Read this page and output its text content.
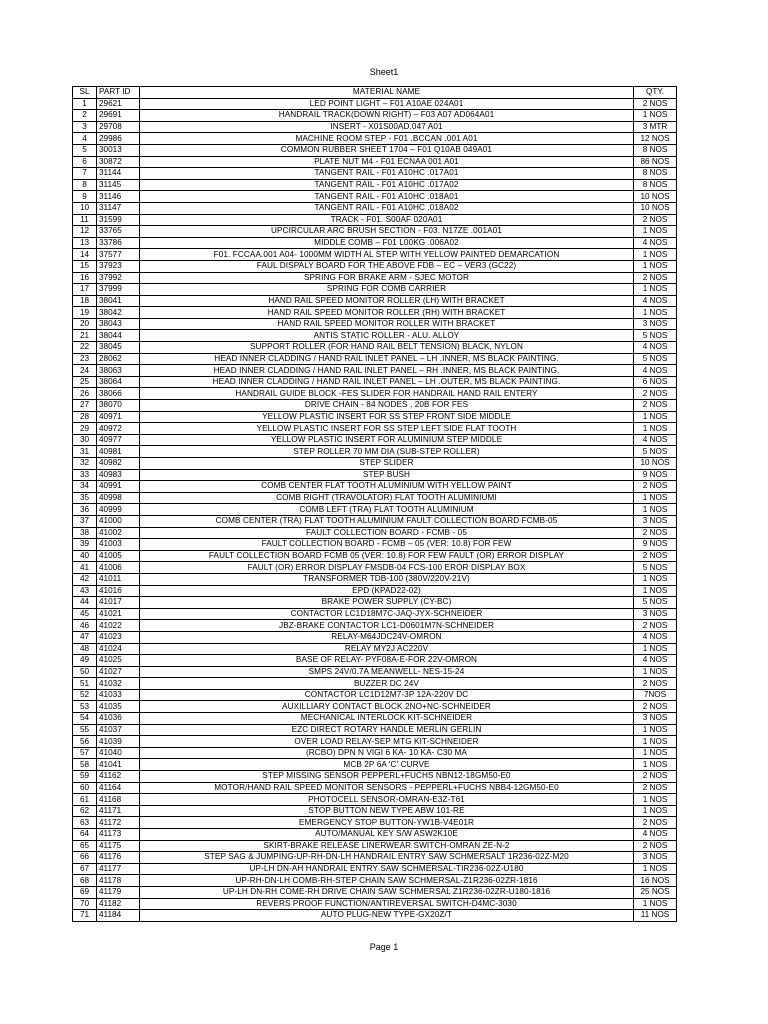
Sheet1
SL	PART ID	MATERIAL NAME	QTY.
1	29621	LED POINT LIGHT – F01 A10AE 024A01	2 NOS
2	29691	HANDRAIL TRACK(DOWN RIGHT) – F03 A07 AD064A01	1 NOS
3	29708	INSERT - X01S00AD.047 A01	3 MTR
4	29986	MACHINE ROOM STEP - F01 .BCCAN .001 A01	12 NOS
5	30013	COMMON RUBBER SHEET 1704 – F01 Q10AB 049A01	8 NOS
6	30872	PLATE NUT M4 - F01 ECNAA 001 A01	86 NOS
7	31144	TANGENT RAIL - F01 A10HC .017A01	8 NOS
8	31145	TANGENT RAIL - F01 A10HC .017A02	8 NOS
9	31146	TANGENT RAIL - F01 A10HC .018A01	10 NOS
10	31147	TANGENT RAIL - F01 A10HC .018A02	10 NOS
11	31599	TRACK - F01. S00AF 020A01	2 NOS
12	33765	UPCIRCULAR ARC BRUSH SECTION - F03. N17ZE .001A01	1 NOS
13	33786	MIDDLE COMB – F01 L00KG .006A02	4 NOS
14	37577	F01. FCCAA.001 A04- 1000MM WIDTH AL STEP WITH YELLOW PAINTED DEMARCATION	1 NOS
15	37923	FAUL DISPALY BOARD FOR THE ABOVE FDB – EC – VER3 (GC22)	1 NOS
16	37992	SPRING FOR BRAKE ARM - SJEC MOTOR	2 NOS
17	37999	SPRING FOR COMB CARRIER	1 NOS
18	38041	HAND RAIL SPEED MONITOR ROLLER (LH) WITH BRACKET	4 NOS
19	38042	HAND RAIL SPEED MONITOR ROLLER (RH) WITH BRACKET	1 NOS
20	38043	HAND RAIL SPEED MONITOR ROLLER WITH BRACKET	3 NOS
21	38044	ANTIS STATIC ROLLER - ALU. ALLOY	5 NOS
22	38045	SUPPORT ROLLER (FOR HAND RAIL BELT TENSION) BLACK, NYLON	4 NOS
23	28062	HEAD INNER CLADDING / HAND RAIL INLET PANEL – LH .INNER, MS BLACK PAINTING.	5 NOS
24	38063	HEAD INNER CLADDING / HAND RAIL INLET PANEL – RH .INNER, MS BLACK PAINTING.	4 NOS
25	38064	HEAD INNER CLADDING / HAND RAIL INLET PANEL – LH .OUTER, MS BLACK PAINTING.	6 NOS
26	38066	HANDRAIL GUIDE BLOCK -FES SLIDER FOR HANDRAIL HAND RAIL ENTERY	2 NOS
27	38070	DRIVE CHAIN - 84 NODES , 20B FOR FES	2 NOS
28	40971	YELLOW PLASTIC INSERT FOR SS STEP FRONT SIDE MIDDLE	1 NOS
29	40972	YELLOW PLASTIC INSERT FOR SS STEP LEFT SIDE FLAT TOOTH	1 NOS
30	40977	YELLOW PLASTIC INSERT FOR ALUMINIUM STEP MIDDLE	4 NOS
31	40981	STEP ROLLER 70 MM DIA (SUB-STEP ROLLER)	5 NOS
32	40982	STEP SLIDER	10 NOS
33	40983	STEP BUSH	9 NOS
34	40991	COMB CENTER FLAT TOOTH ALUMINIUM WITH YELLOW PAINT	2 NOS
35	40998	COMB RIGHT (TRAVOLATOR) FLAT TOOTH ALUMINIUMI	1 NOS
36	40999	COMB LEFT (TRA) FLAT TOOTH ALUMINIUM	1 NOS
37	41000	COMB CENTER (TRA) FLAT TOOTH ALUMINIUM FAULT COLLECTION BOARD FCMB-05	3 NOS
38	41002	FAULT COLLECTION BOARD - FCMB - 05	2 NOS
39	41003	FAULT COLLECTION BOARD - FCMB – 05 (VER: 10.8) FOR FEW	9 NOS
40	41005	FAULT COLLECTION BOARD FCMB 05 (VER: 10.8) FOR FEW FAULT (OR) ERROR DISPLAY	2 NOS
41	41006	FAULT (OR) ERROR DISPLAY FMSDB-04 FCS-100 EROR DISPLAY BOX	5 NOS
42	41011	TRANSFORMER TDB-100 (380V/220V-21V)	1 NOS
43	41016	EPD (KPAD22-02)	1 NOS
44	41017	BRAKE POWER SUPPLY (CY-BC)	5 NOS
45	41021	CONTACTOR LC1D18M7C-JAQ-JYX-SCHNEIDER	3 NOS
46	41022	JBZ-BRAKE CONTACTOR LC1-D0601M7N-SCHNEIDER	2 NOS
47	41023	RELAY-M64JDC24V-OMRON	4 NOS
48	41024	RELAY MY2J AC220V	1 NOS
49	41025	BASE OF RELAY- PYF08A-E-FOR 22V-OMRON	4 NOS
50	41027	SMPS 24V/0.7A MEANWELL- NES-15-24	1 NOS
51	41032	BUZZER DC 24V	2 NOS
52	41033	CONTACTOR LC1D12M7-3P 12A-220V DC	7NOS
53	41035	AUXILLIARY CONTACT BLOCK 2NO+NC-SCHNEIDER	2 NOS
54	41036	MECHANICAL INTERLOCK KIT-SCHNEIDER	3 NOS
55	41037	EZC DIRECT ROTARY HANDLE MERLIN GERLIN	1 NOS
56	41039	OVER LOAD RELAY-SEP MTG KIT-SCHNEIDER	1 NOS
57	41040	(RCBO) DPN N VIGI 6 KA- 10 KA- C30 MA	1 NOS
58	41041	MCB 2P 6A 'C' CURVE	1 NOS
59	41162	STEP MISSING SENSOR PEPPERL+FUCHS NBN12-18GM50-E0	2 NOS
60	41164	MOTOR/HAND RAIL SPEED MONITOR SENSORS - PEPPERL+FUCHS NBB4-12GM50-E0	2 NOS
61	41168	PHOTOCELL SENSOR-OMRAN-E3Z-T61	1 NOS
62	41171	STOP BUTTON NEW TYPE ABW 101-RE	1 NOS
63	41172	EMERGENCY STOP BUTTON-YW1B-V4E01R	2 NOS
64	41173	AUTO/MANUAL KEY S/W ASW2K10E	4 NOS
65	41175	SKIRT-BRAKE RELEASE LINERWEAR SWITCH-OMRAN ZE-N-2	2 NOS
66	41176	STEP SAG & JUMPING-UP-RH-DN-LH HANDRAIL ENTRY SAW SCHMERSALT 1R236-02Z-M20	3 NOS
67	41177	UP-LH DN-AH HANDRAIL ENTRY SAW SCHMERSAL-TIR236-02Z-U180	1 NOS
68	41178	UP-RH-DN-LH COMB-RH-STEP CHAIN SAW SCHMERSAL-Z1R236-02ZR-1816	16 NOS
69	41179	UP-LH DN-RH COME-RH DRIVE CHAIN SAW SCHMERSAL Z1R236-02ZR-U180-1816	25 NOS
70	41182	REVERS PROOF FUNCTION/ANTIREVERSAL SWITCH-D4MC-3030	1 NOS
71	41184	AUTO PLUG-NEW TYPE-GX20Z/T	11 NOS
Page 1
